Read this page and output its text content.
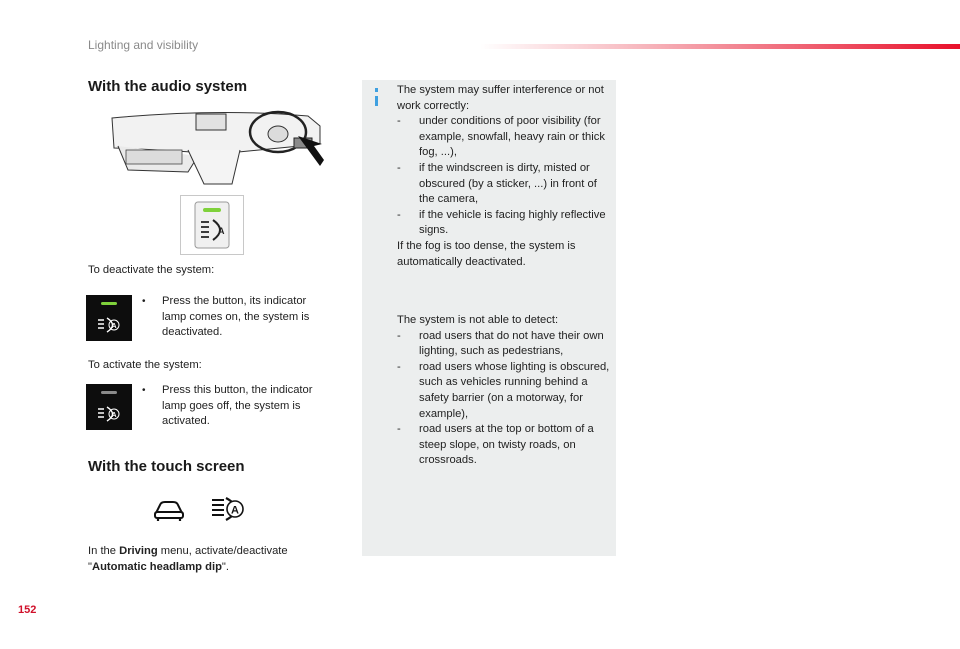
Lighting and visibility
With the audio system
A
To deactivate the system:
A
•	Press the button, its indicator lamp comes on, the system is deactivated.
To activate the system:
A
•	Press this button, the indicator lamp goes off, the system is activated.
With the touch screen
A
In the Driving menu, activate/deactivate "Automatic headlamp dip".
The system may suffer interference or not work correctly:
- under conditions of poor visibility (for example, snowfall, heavy rain or thick fog, ...),
- if the windscreen is dirty, misted or obscured (by a sticker, ...) in front of the camera,
- if the vehicle is facing highly reflective signs.
If the fog is too dense, the system is automatically deactivated.
The system is not able to detect:
- road users that do not have their own lighting, such as pedestrians,
- road users whose lighting is obscured, such as vehicles running behind a safety barrier (on a motorway, for example),
- road users at the top or bottom of a steep slope, on twisty roads, on crossroads.
152
